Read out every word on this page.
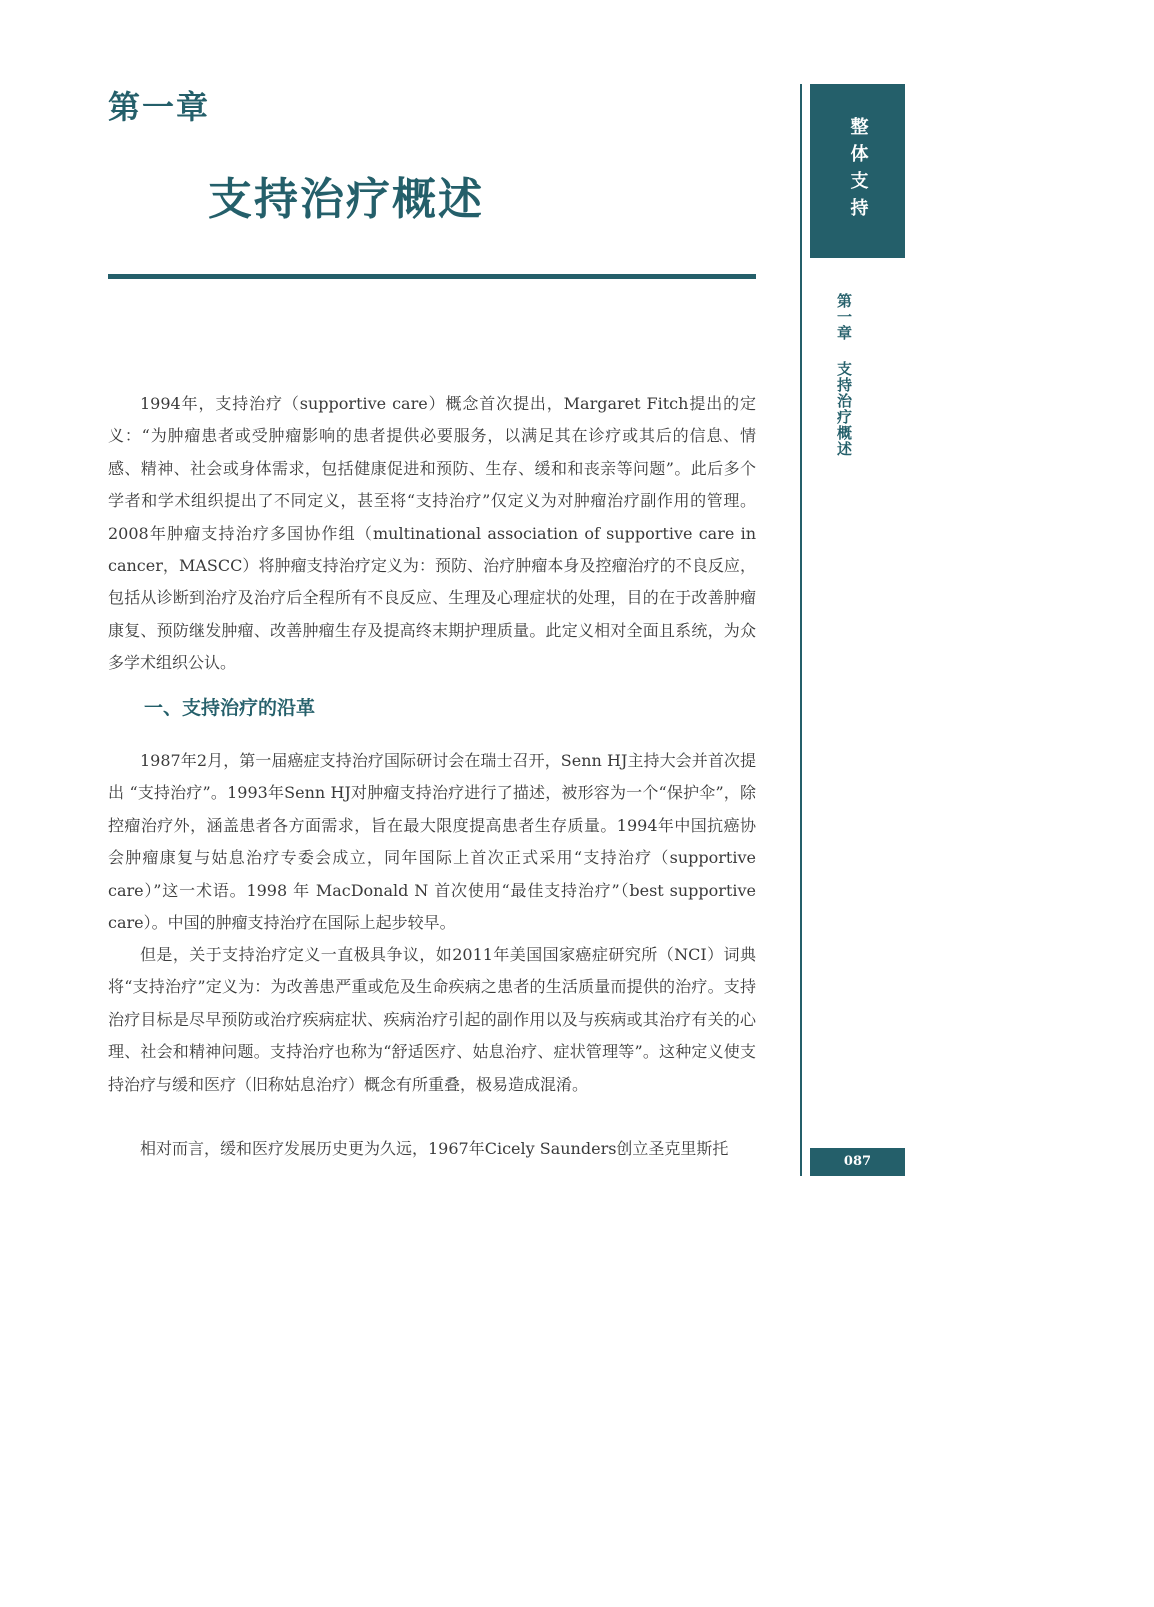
第一章
支持治疗概述

1994年，支持治疗（supportive care）概念首次提出，Margaret Fitch提出的定义：“为肿瘤患者或受肿瘤影响的患者提供必要服务，以满足其在诊疗或其后的信息、情感、精神、社会或身体需求，包括健康促进和预防、生存、缓和和丧亲等问题”。此后多个学者和学术组织提出了不同定义，甚至将“支持治疗”仅定义为对肿瘤治疗副作用的管理。2008年肿瘤支持治疗多国协作组（multinational association of supportive care in cancer，MASCC）将肿瘤支持治疗定义为：预防、治疗肿瘤本身及控瘤治疗的不良反应，包括从诊断到治疗及治疗后全程所有不良反应、生理及心理症状的处理，目的在于改善肿瘤康复、预防继发肿瘤、改善肿瘤生存及提高终末期护理质量。此定义相对全面且系统，为众多学术组织公认。

一、支持治疗的沿革

1987年2月，第一届癌症支持治疗国际研讨会在瑞士召开，Senn HJ主持大会并首次提出 “支持治疗”。1993年Senn HJ对肿瘤支持治疗进行了描述，被形容为一个“保护伞”，除控瘤治疗外，涵盖患者各方面需求，旨在最大限度提高患者生存质量。1994年中国抗癌协会肿瘤康复与姑息治疗专委会成立，同年国际上首次正式采用“支持治疗（supportive care）”这一术语。1998 年 MacDonald N 首次使用“最佳支持治疗”（best supportive care）。中国的肿瘤支持治疗在国际上起步较早。

但是，关于支持治疗定义一直极具争议，如2011年美国国家癌症研究所（NCI）词典将“支持治疗”定义为：为改善患严重或危及生命疾病之患者的生活质量而提供的治疗。支持治疗目标是尽早预防或治疗疾病症状、疾病治疗引起的副作用以及与疾病或其治疗有关的心理、社会和精神问题。支持治疗也称为“舒适医疗、姑息治疗、症状管理等”。这种定义使支持治疗与缓和医疗（旧称姑息治疗）概念有所重叠，极易造成混淆。

相对而言，缓和医疗发展历史更为久远，1967年Cicely Saunders创立圣克里斯托

整体支持
第一章支持治疗概述
087
